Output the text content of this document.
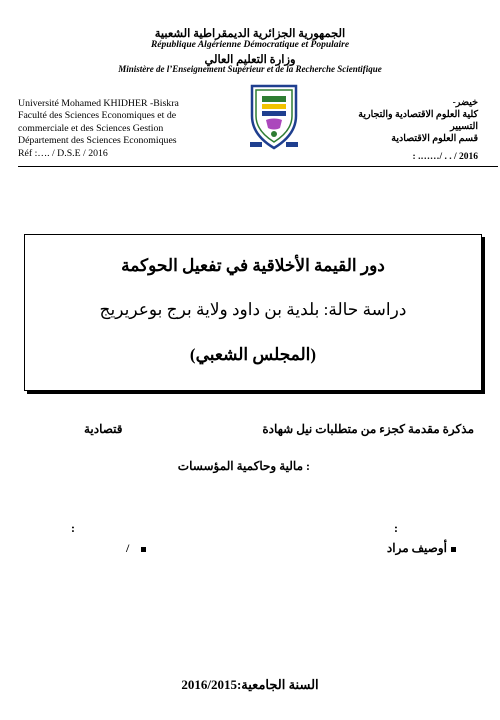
الجمهورية الجزائرية الديمقراطية الشعبية
République Algérienne Démocratique et Populaire
وزارة التعليم العالي
Ministère de l’Enseignement Supérieur et de la Recherche Scientifique
Université Mohamed KHIDHER -Biskra
Faculté des Sciences Economiques et de
commerciale et des Sciences Gestion
Département des Sciences Economiques
Réf :…. / D.S.E / 2016
خيضر-
كلية العلوم الاقتصادية والتجارية
التسيير
قسم العلوم الاقتصادية
2016 / . . /……. :
دور القيمة الأخلاقية في تفعيل الحوكمة
دراسة حالة: بلدية بن داود ولاية برج بوعريريج
(المجلس الشعبي)
مذكرة مقدمة كجزء من متطلبات نيل شهادة
قتصادية
: مالية وحاكمية المؤسسات
:
:
أوصيف مراد
/
السنة الجامعية:2016/2015
